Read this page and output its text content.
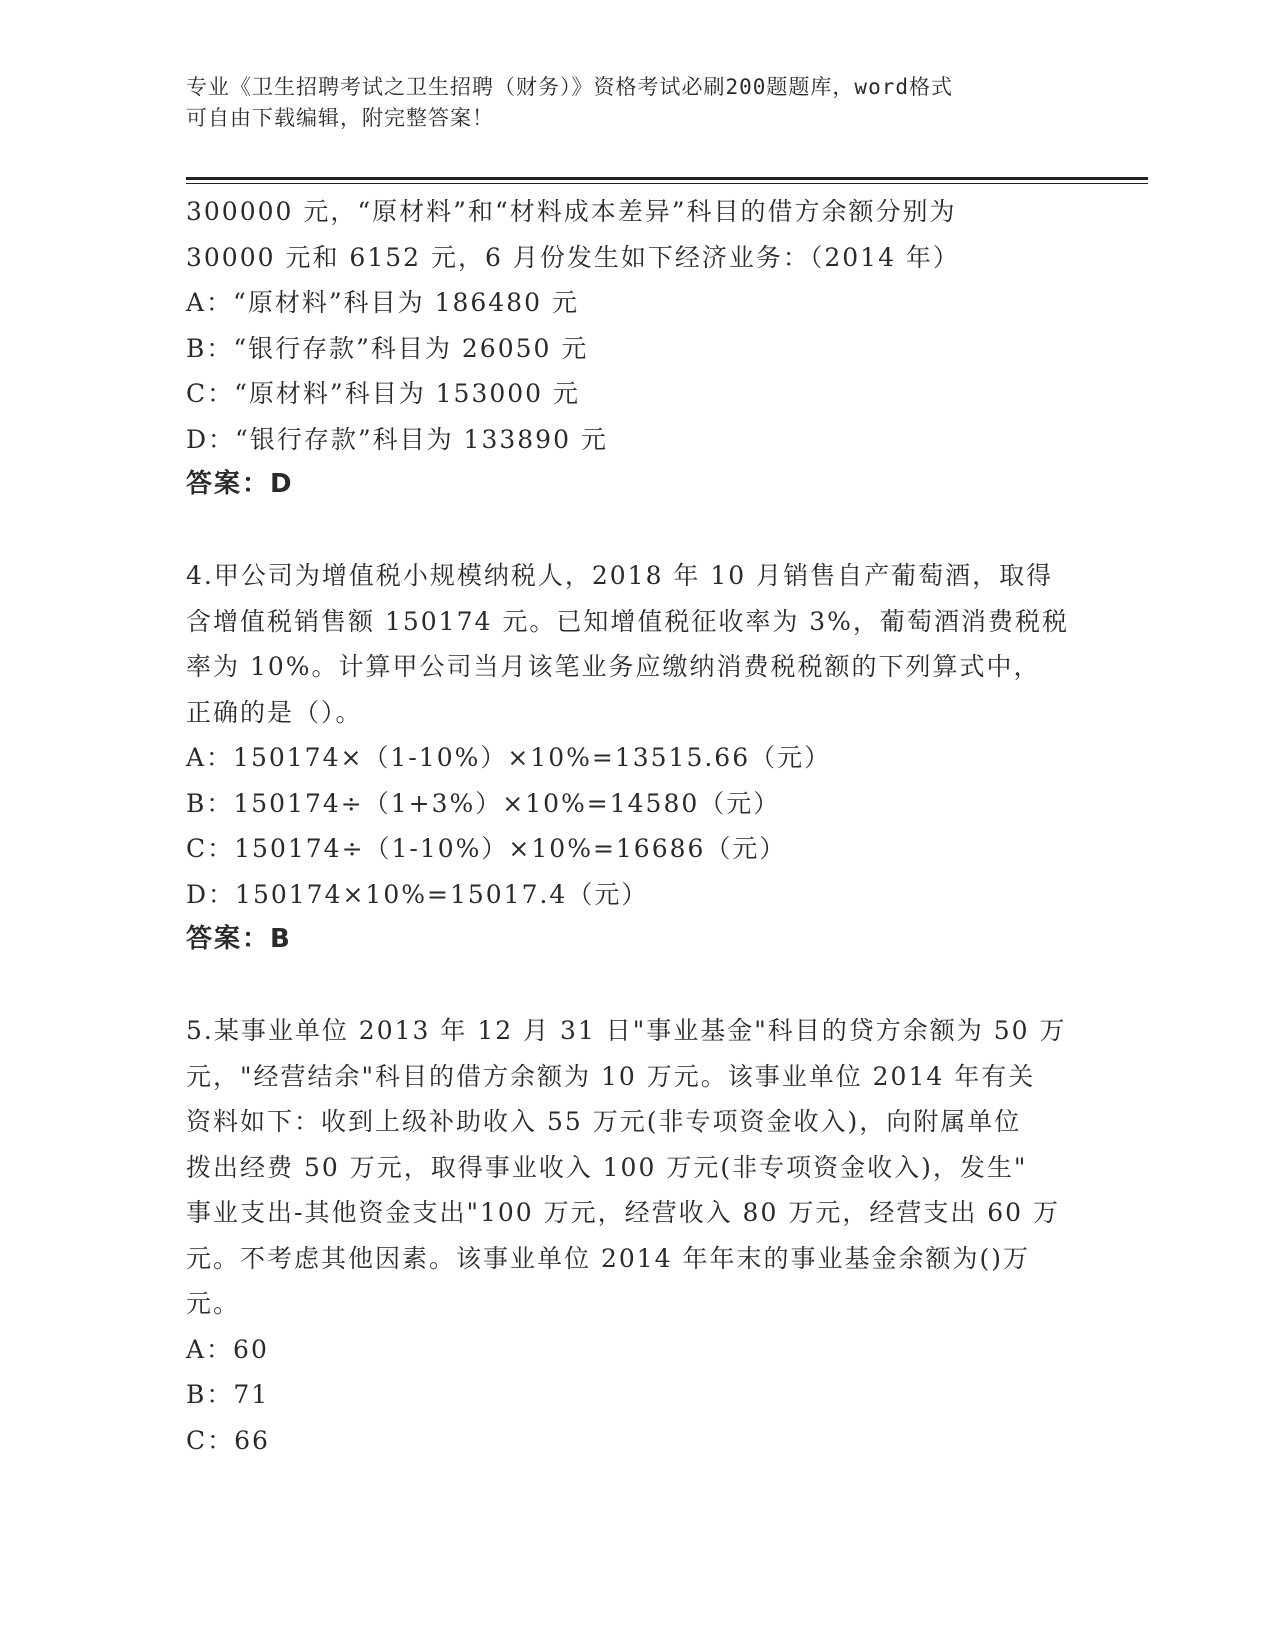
专业《卫生招聘考试之卫生招聘（财务）》资格考试必刷200题题库，word格式
可自由下载编辑，附完整答案！
300000 元，“原材料”和“材料成本差异”科目的借方余额分别为
30000 元和 6152 元，6 月份发生如下经济业务：（2014 年）
A：“原材料”科目为 186480 元
B：“银行存款”科目为 26050 元
C：“原材料”科目为 153000 元
D：“银行存款”科目为 133890 元
答案：D
4.甲公司为增值税小规模纳税人，2018 年 10 月销售自产葡萄酒，取得
含增值税销售额 150174 元。已知增值税征收率为 3%，葡萄酒消费税税
率为 10%。计算甲公司当月该笔业务应缴纳消费税税额的下列算式中，
正确的是（）。
A：150174×（1-10%）×10%=13515.66（元）
B：150174÷（1+3%）×10%=14580（元）
C：150174÷（1-10%）×10%=16686（元）
D：150174×10%=15017.4（元）
答案：B
5.某事业单位 2013 年 12 月 31 日"事业基金"科目的贷方余额为 50 万
元，"经营结余"科目的借方余额为 10 万元。该事业单位 2014 年有关
资料如下：收到上级补助收入 55 万元(非专项资金收入)，向附属单位
拨出经费 50 万元，取得事业收入 100 万元(非专项资金收入)，发生"
事业支出-其他资金支出"100 万元，经营收入 80 万元，经营支出 60 万
元。不考虑其他因素。该事业单位 2014 年年末的事业基金余额为()万
元。
A：60
B：71
C：66
